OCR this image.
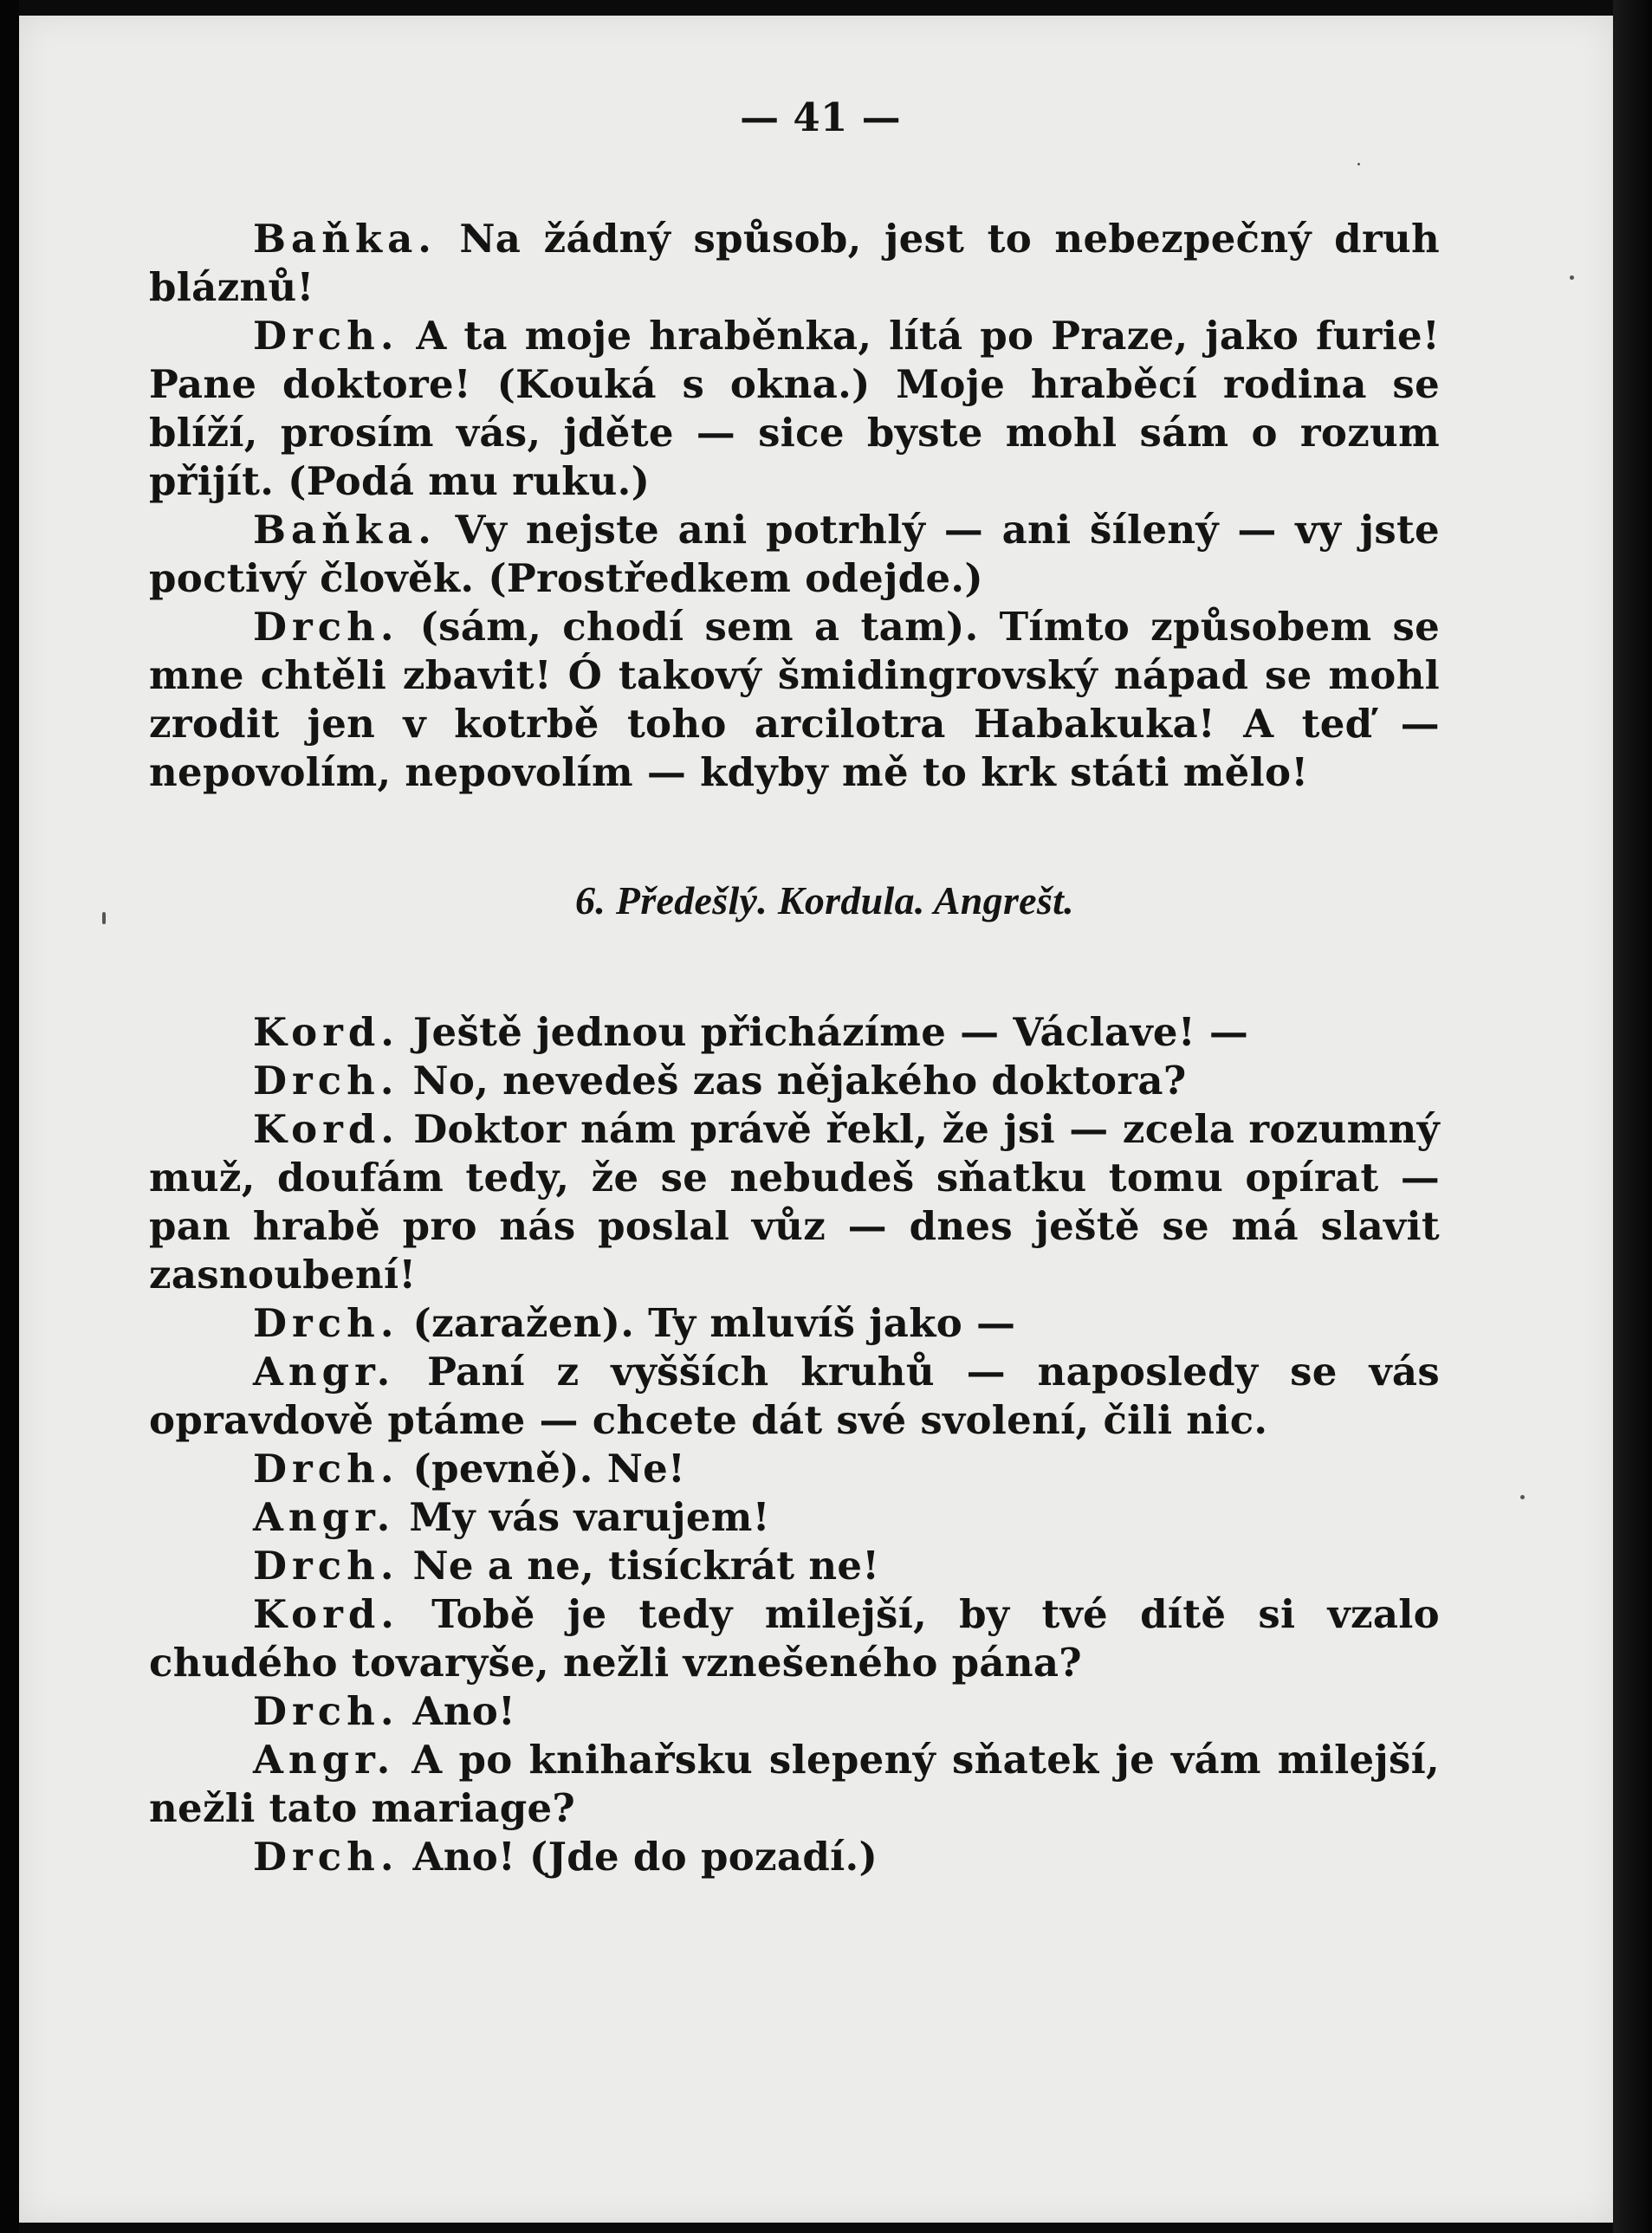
— 41 —

Baňka. Na žádný spůsob, jest to nebezpečný druh bláznů!

Drch. A ta moje hraběnka, lítá po Praze, jako furie! Pane doktore! (Kouká s okna.) Moje hraběcí rodina se blíží, prosím vás, jděte — sice byste mohl sám o rozum přijít. (Podá mu ruku.)

Baňka. Vy nejste ani potrhlý — ani šílený — vy jste poctivý člověk. (Prostředkem odejde.)

Drch. (sám, chodí sem a tam). Tímto způsobem se mne chtěli zbavit! Ó takový šmidingrovský nápad se mohl zrodit jen v kotrbě toho arcilotra Habakuka! A teď — nepovolím, nepovolím — kdyby mě to krk státi mělo!

6. Předešlý. Kordula. Angrešt.

Kord. Ještě jednou přicházíme — Václave! —

Drch. No, nevedeš zas nějakého doktora?

Kord. Doktor nám právě řekl, že jsi — zcela rozumný muž, doufám tedy, že se nebudeš sňatku tomu opírat — pan hrabě pro nás poslal vůz — dnes ještě se má slavit zasnoubení!

Drch. (zaražen). Ty mluvíš jako —

Angr. Paní z vyšších kruhů — naposledy se vás opravdově ptáme — chcete dát své svolení, čili nic.

Drch. (pevně). Ne!

Angr. My vás varujem!

Drch. Ne a ne, tisíckrát ne!

Kord. Tobě je tedy milejší, by tvé dítě si vzalo chudého tovaryše, nežli vznešeného pána?

Drch. Ano!

Angr. A po knihařsku slepený sňatek je vám milejší, nežli tato mariage?

Drch. Ano! (Jde do pozadí.)
